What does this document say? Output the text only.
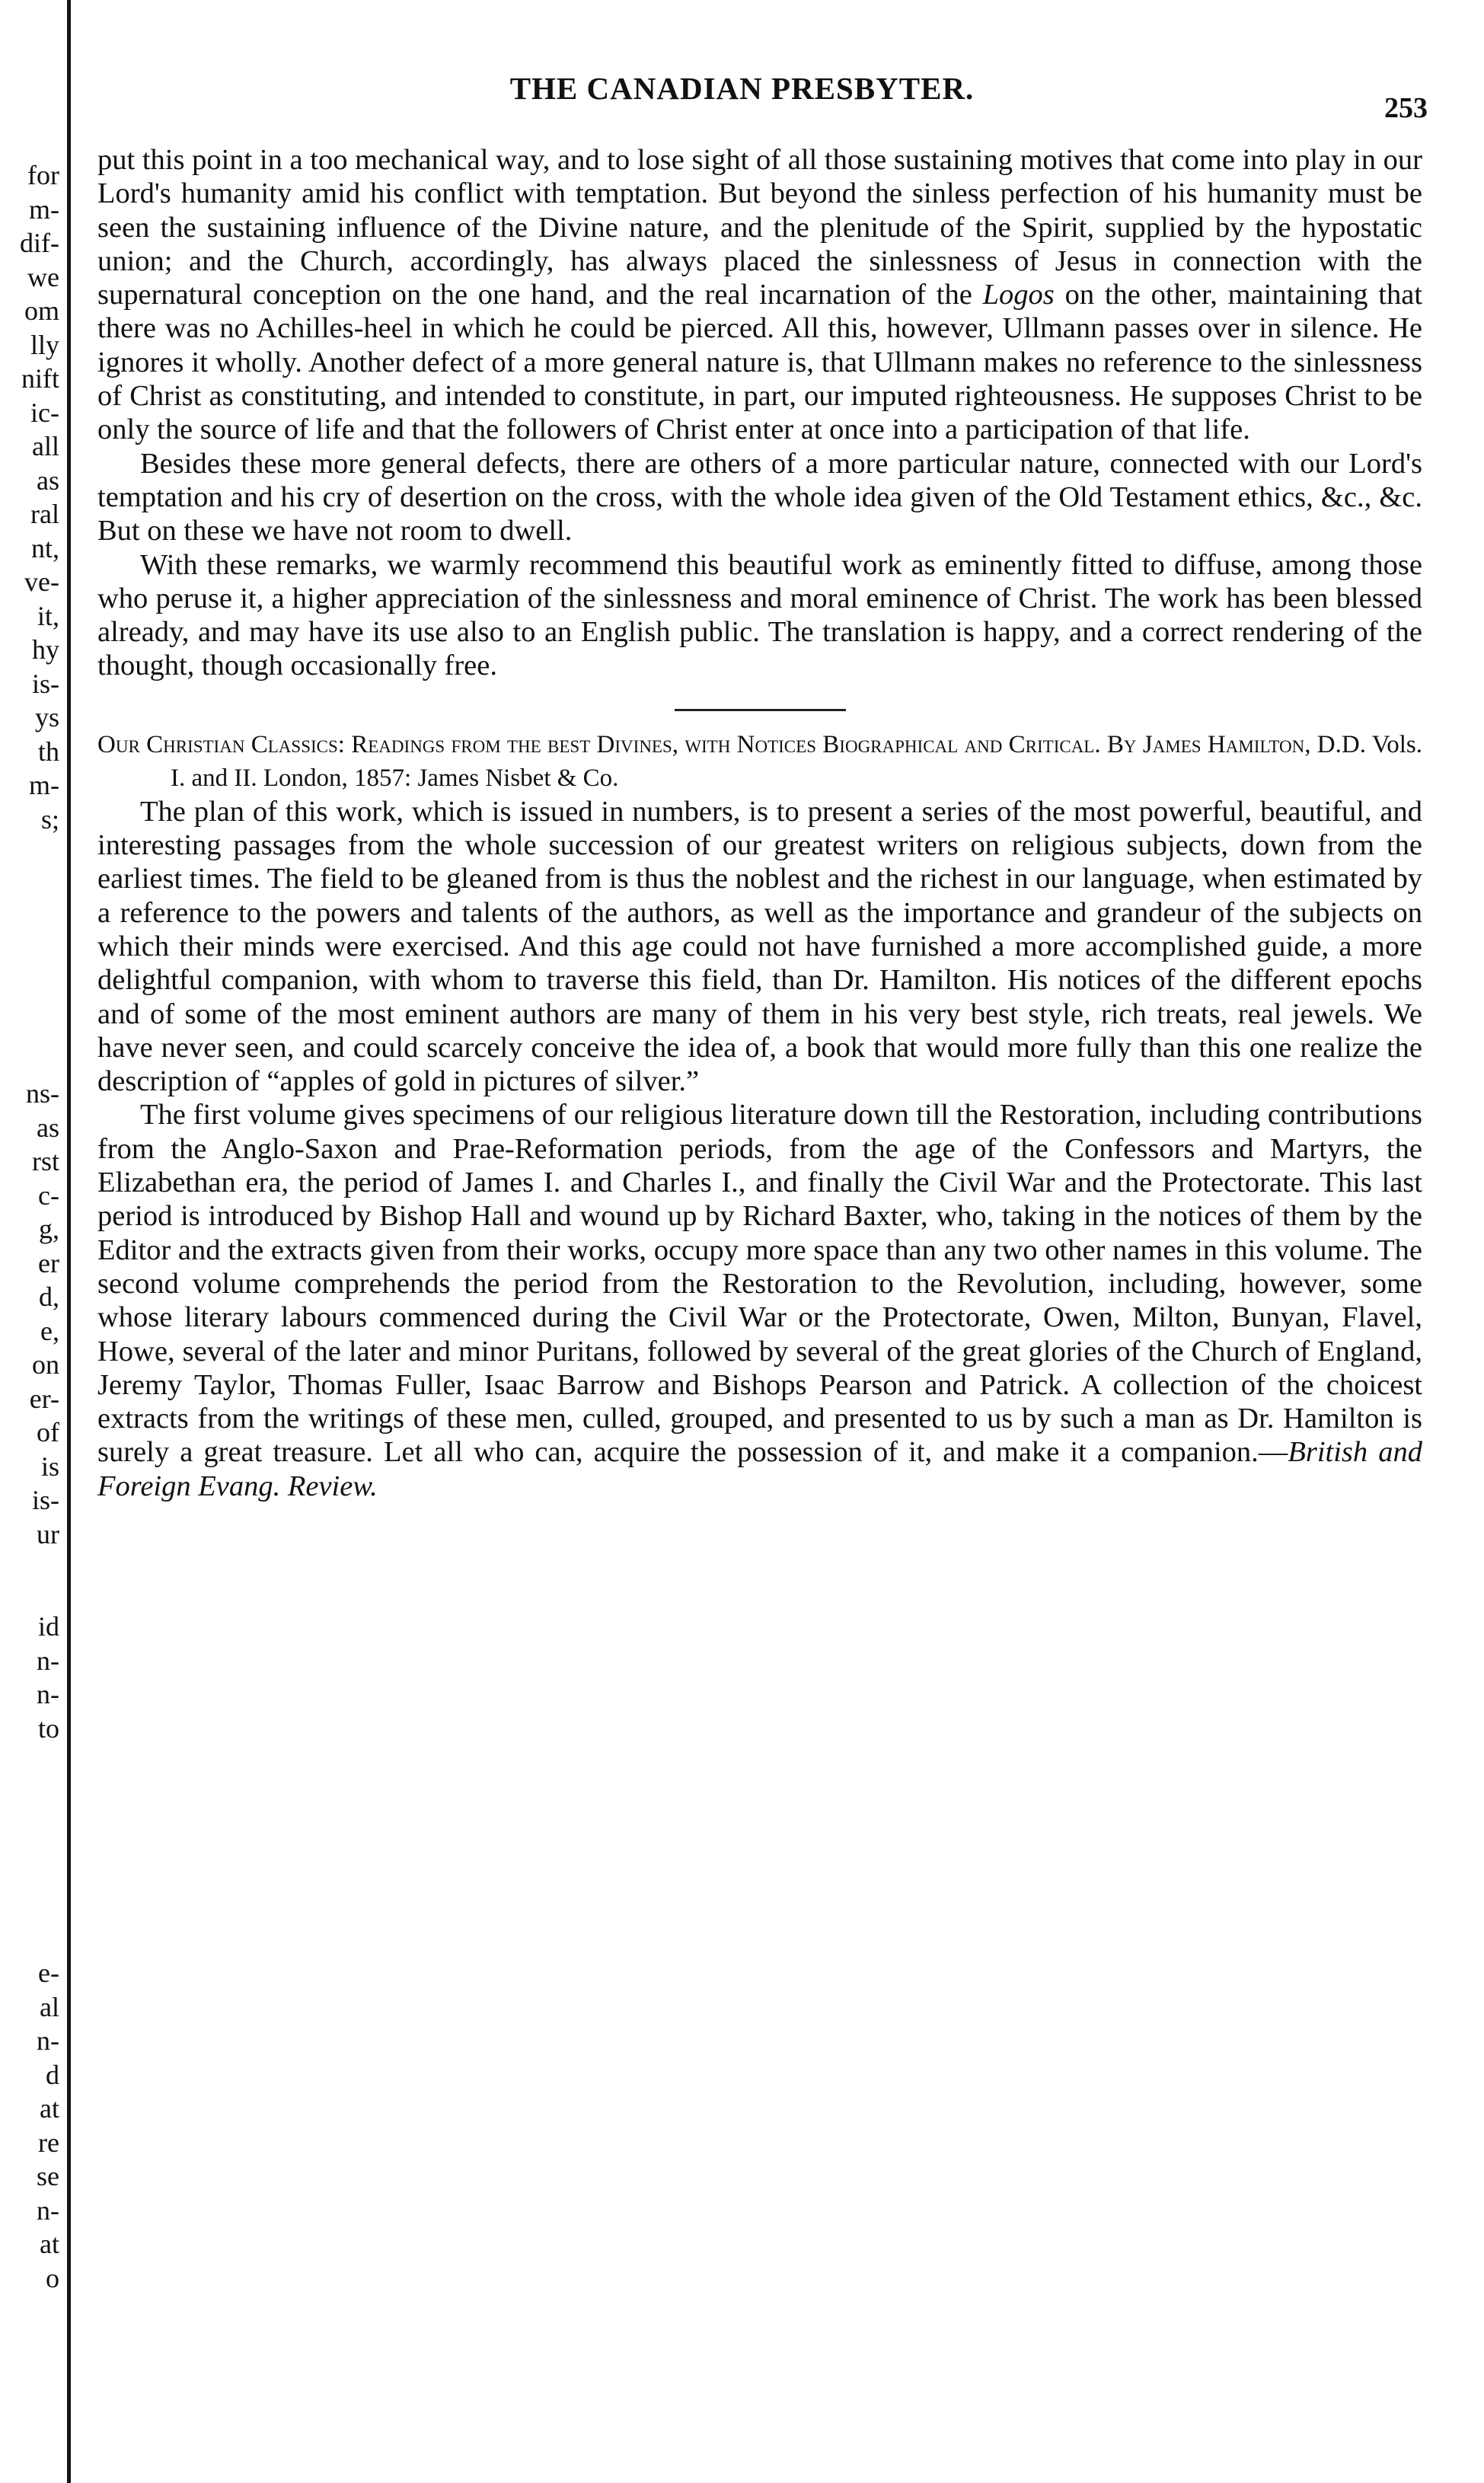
for
m-
dif-
we
om
lly
nift
ic-
all
as
ral
nt,
ve-
it,
hy
is-
ys
th
m-
s;
ns-
as
rst
c-
g,
er
d,
e,
on
er-
of
is
is-
ur
id
n-
n-
to
e-
al
n-
d
at
re
se
n-
at
o
THE CANADIAN PRESBYTER.
253

put this point in a too mechanical way, and to lose sight of all those sustaining motives that come into play in our Lord's humanity amid his conflict with temptation. But beyond the sinless perfection of his humanity must be seen the sustaining influence of the Divine nature, and the plenitude of the Spirit, supplied by the hypostatic union; and the Church, accordingly, has always placed the sinlessness of Jesus in connection with the supernatural conception on the one hand, and the real incarnation of the Logos on the other, maintaining that there was no Achilles-heel in which he could be pierced. All this, however, Ullmann passes over in silence. He ignores it wholly. Another defect of a more general nature is, that Ullmann makes no reference to the sinlessness of Christ as constituting, and intended to constitute, in part, our imputed righteousness. He supposes Christ to be only the source of life and that the followers of Christ enter at once into a participation of that life.

Besides these more general defects, there are others of a more particular nature, connected with our Lord's temptation and his cry of desertion on the cross, with the whole idea given of the Old Testament ethics, &c., &c. But on these we have not room to dwell.

With these remarks, we warmly recommend this beautiful work as eminently fitted to diffuse, among those who peruse it, a higher appreciation of the sinlessness and moral eminence of Christ. The work has been blessed already, and may have its use also to an English public. The translation is happy, and a correct rendering of the thought, though occasionally free.

Our Christian Classics: Readings from the best Divines, with Notices Biographical and Critical. By James Hamilton, D.D. Vols. I. and II. London, 1857: James Nisbet & Co.

The plan of this work, which is issued in numbers, is to present a series of the most powerful, beautiful, and interesting passages from the whole succession of our greatest writers on religious subjects, down from the earliest times. The field to be gleaned from is thus the noblest and the richest in our language, when estimated by a reference to the powers and talents of the authors, as well as the importance and grandeur of the subjects on which their minds were exercised. And this age could not have furnished a more accomplished guide, a more delightful companion, with whom to traverse this field, than Dr. Hamilton. His notices of the different epochs and of some of the most eminent authors are many of them in his very best style, rich treats, real jewels. We have never seen, and could scarcely conceive the idea of, a book that would more fully than this one realize the description of “apples of gold in pictures of silver.”

The first volume gives specimens of our religious literature down till the Restoration, including contributions from the Anglo-Saxon and Prae-Reformation periods, from the age of the Confessors and Martyrs, the Elizabethan era, the period of James I. and Charles I., and finally the Civil War and the Protectorate. This last period is introduced by Bishop Hall and wound up by Richard Baxter, who, taking in the notices of them by the Editor and the extracts given from their works, occupy more space than any two other names in this volume. The second volume comprehends the period from the Restoration to the Revolution, including, however, some whose literary labours commenced during the Civil War or the Protectorate, Owen, Milton, Bunyan, Flavel, Howe, several of the later and minor Puritans, followed by several of the great glories of the Church of England, Jeremy Taylor, Thomas Fuller, Isaac Barrow and Bishops Pearson and Patrick. A collection of the choicest extracts from the writings of these men, culled, grouped, and presented to us by such a man as Dr. Hamilton is surely a great treasure. Let all who can, acquire the possession of it, and make it a companion.—British and Foreign Evang. Review.
